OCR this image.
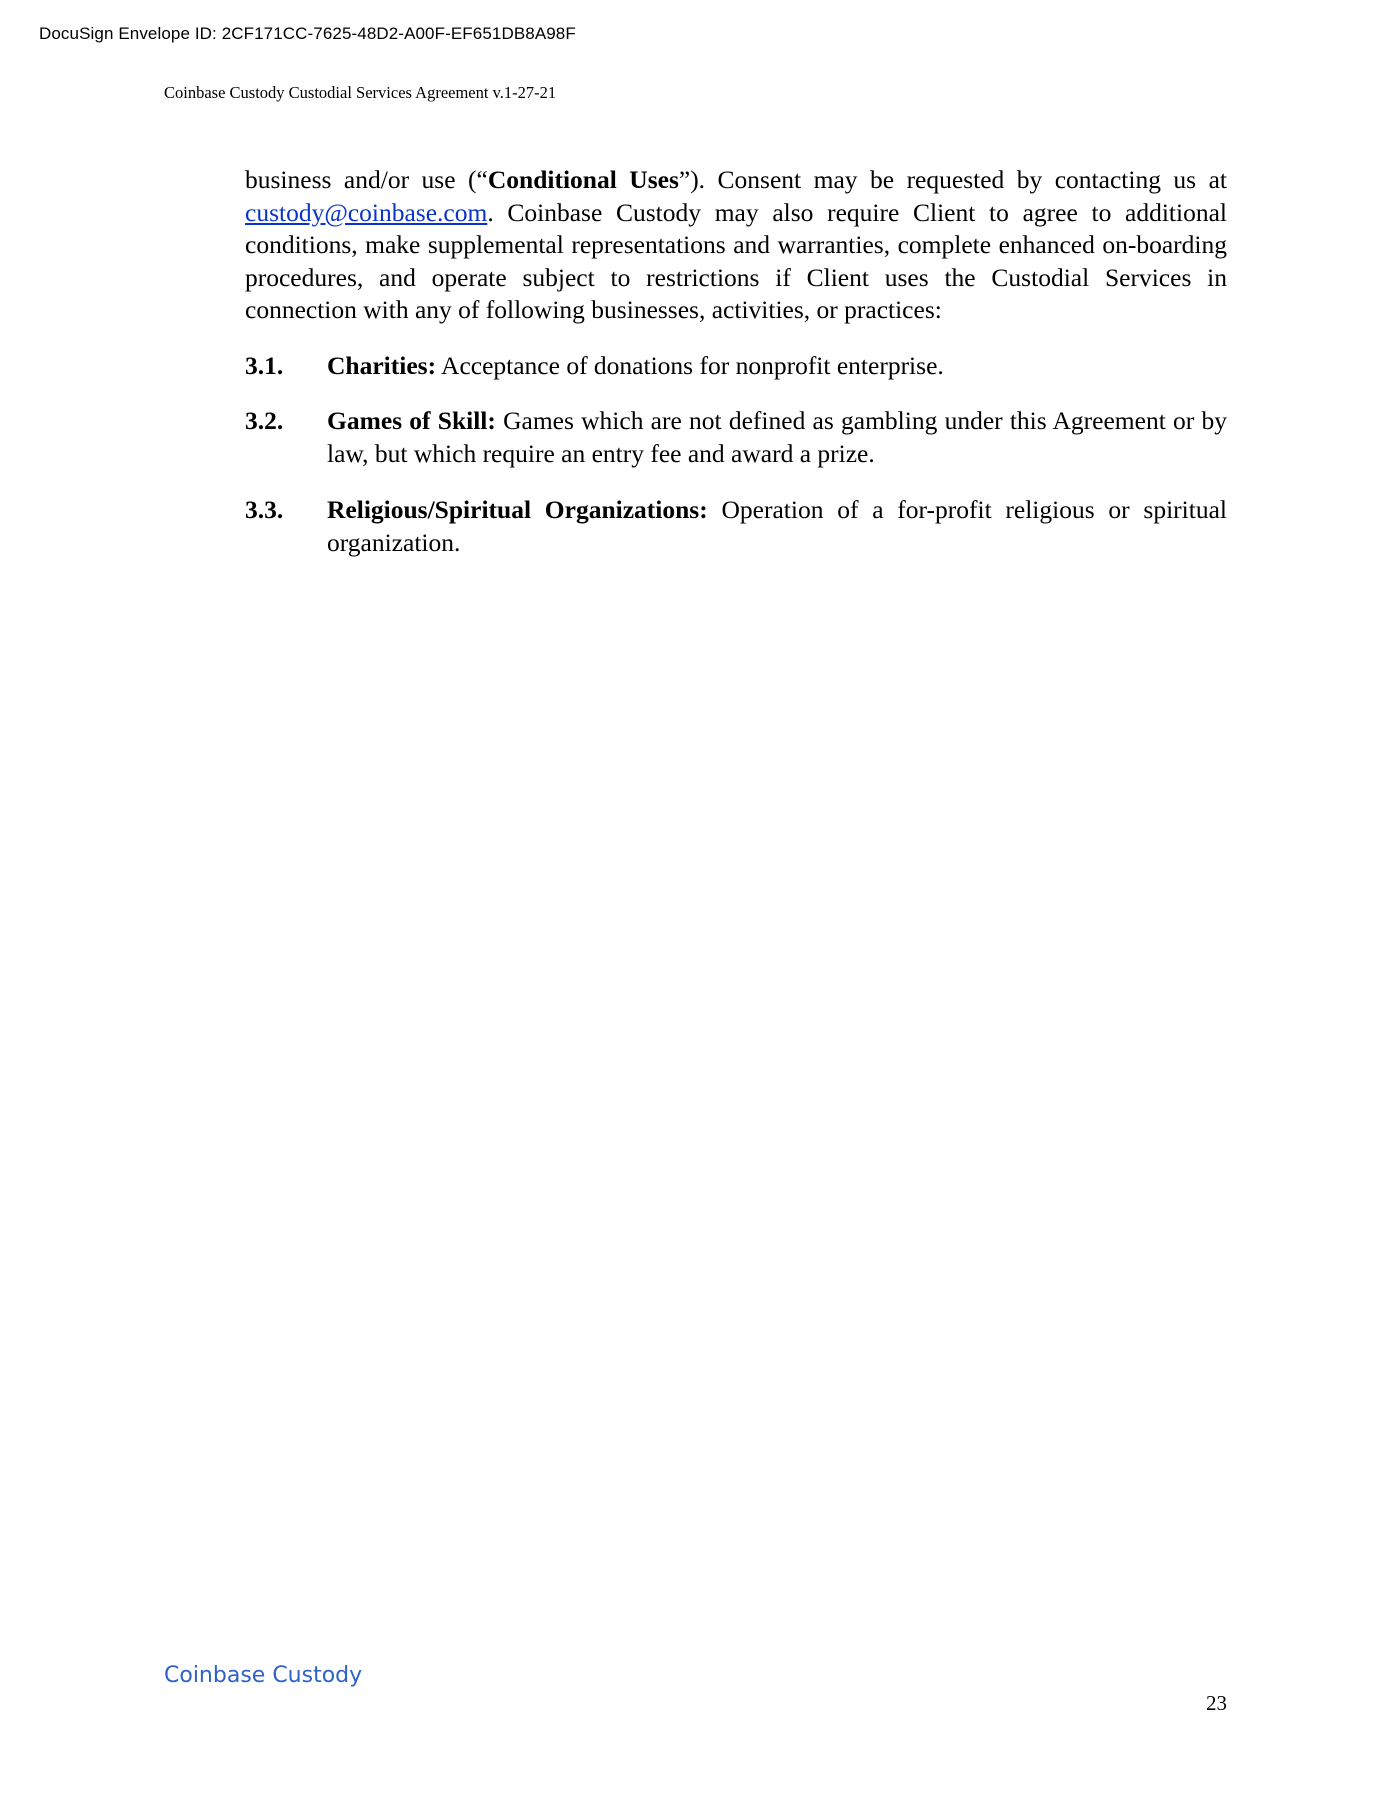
DocuSign Envelope ID: 2CF171CC-7625-48D2-A00F-EF651DB8A98F
Coinbase Custody Custodial Services Agreement v.1-27-21
business and/or use (“Conditional Uses”). Consent may be requested by contacting us at custody@coinbase.com. Coinbase Custody may also require Client to agree to additional conditions, make supplemental representations and warranties, complete enhanced on-boarding procedures, and operate subject to restrictions if Client uses the Custodial Services in connection with any of following businesses, activities, or practices:
3.1. Charities: Acceptance of donations for nonprofit enterprise.
3.2. Games of Skill: Games which are not defined as gambling under this Agreement or by law, but which require an entry fee and award a prize.
3.3. Religious/Spiritual Organizations: Operation of a for-profit religious or spiritual organization.
Coinbase Custody
23
